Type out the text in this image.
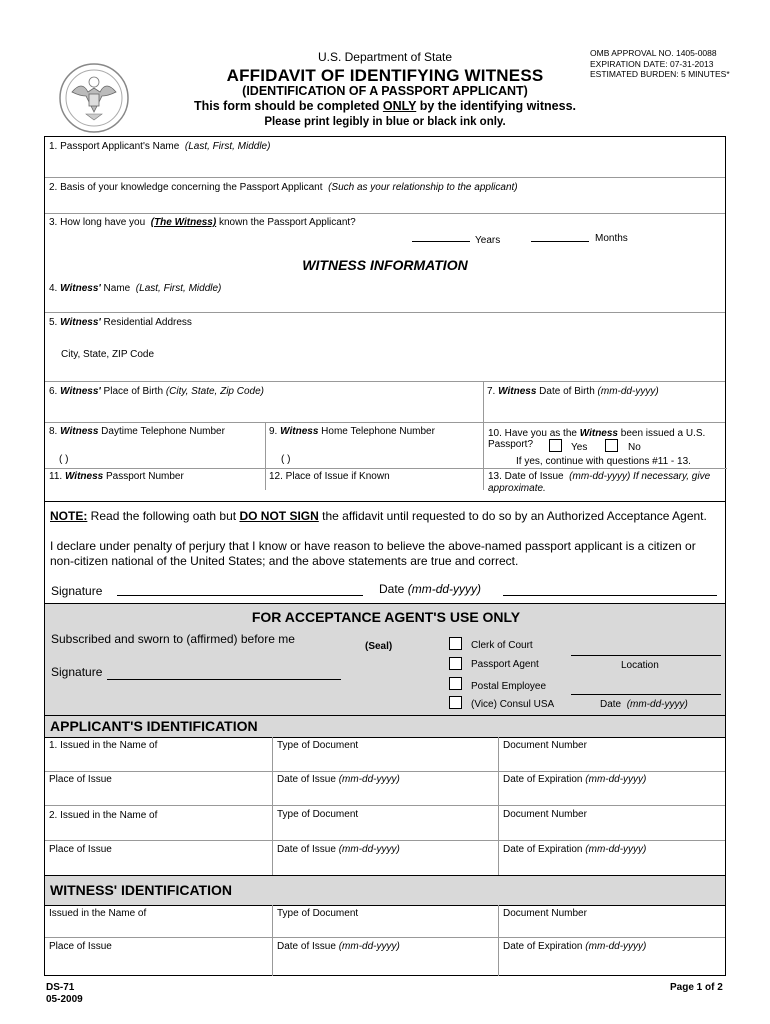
U.S. Department of State
AFFIDAVIT OF IDENTIFYING WITNESS
(IDENTIFICATION OF A PASSPORT APPLICANT)
This form should be completed ONLY by the identifying witness.
Please print legibly in blue or black ink only.
OMB APPROVAL NO. 1405-0088
EXPIRATION DATE: 07-31-2013
ESTIMATED BURDEN: 5 MINUTES*
1. Passport Applicant's Name (Last, First, Middle)
2. Basis of your knowledge concerning the Passport Applicant (Such as your relationship to the applicant)
3. How long have you (The Witness) known the Passport Applicant?
Years	Months
WITNESS INFORMATION
4. Witness' Name (Last, First, Middle)
5. Witness' Residential Address
City, State, ZIP Code
6. Witness' Place of Birth (City, State, Zip Code)	7. Witness Date of Birth (mm-dd-yyyy)
8. Witness Daytime Telephone Number
( )
9. Witness Home Telephone Number
( )
10. Have you as the Witness been issued a U.S.
Passport?	Yes	No
If yes, continue with questions #11 - 13.
11. Witness Passport Number	12. Place of Issue if Known	13. Date of Issue (mm-dd-yyyy) If necessary, give
approximate.
NOTE: Read the following oath but DO NOT SIGN the affidavit until requested to do so by an Authorized Acceptance Agent.
I declare under penalty of perjury that I know or have reason to believe the above-named passport applicant is a citizen or non-citizen national of the United States; and the above statements are true and correct.
Signature	Date (mm-dd-yyyy)
FOR ACCEPTANCE AGENT'S USE ONLY
Subscribed and sworn to (affirmed) before me
(Seal)
Signature
Clerk of Court
Passport Agent
Postal Employee
(Vice) Consul USA
Location
Date (mm-dd-yyyy)
APPLICANT'S IDENTIFICATION
1. Issued in the Name of	Type of Document	Document Number
Place of Issue	Date of Issue (mm-dd-yyyy)	Date of Expiration (mm-dd-yyyy)
2. Issued in the Name of	Type of Document	Document Number
Place of Issue	Date of Issue (mm-dd-yyyy)	Date of Expiration (mm-dd-yyyy)
WITNESS' IDENTIFICATION
Issued in the Name of	Type of Document	Document Number
Place of Issue	Date of Issue (mm-dd-yyyy)	Date of Expiration (mm-dd-yyyy)
DS-71
05-2009
Page 1 of 2
